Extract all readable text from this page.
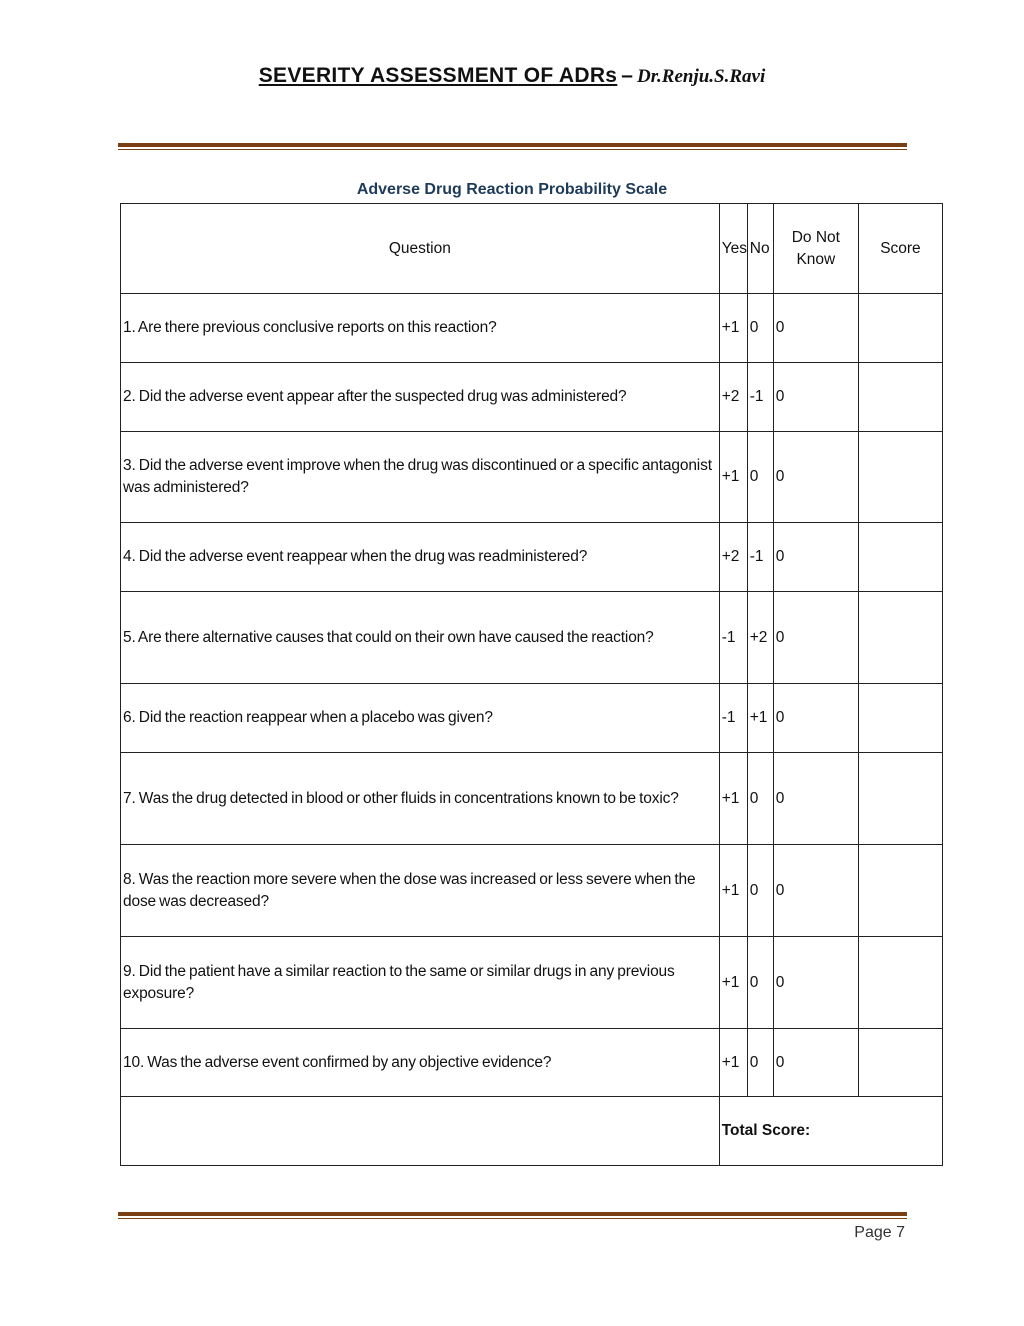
SEVERITY ASSESSMENT OF ADRs – Dr.Renju.S.Ravi
Adverse Drug Reaction Probability Scale
Question	Yes	No	Do Not Know	Score
1. Are there previous conclusive reports on this reaction?	+1	0	0	
2. Did the adverse event appear after the suspected drug was administered?	+2	-1	0	
3. Did the adverse event improve when the drug was discontinued or a specific antagonist was administered?	+1	0	0	
4. Did the adverse event reappear when the drug was readministered?	+2	-1	0	
5. Are there alternative causes that could on their own have caused the reaction?	-1	+2	0	
6. Did the reaction reappear when a placebo was given?	-1	+1	0	
7. Was the drug detected in blood or other fluids in concentrations known to be toxic?	+1	0	0	
8. Was the reaction more severe when the dose was increased or less severe when the dose was decreased?	+1	0	0	
9. Did the patient have a similar reaction to the same or similar drugs in any previous exposure?	+1	0	0	
10. Was the adverse event confirmed by any objective evidence?	+1	0	0	
	Total Score:			
Page 7
